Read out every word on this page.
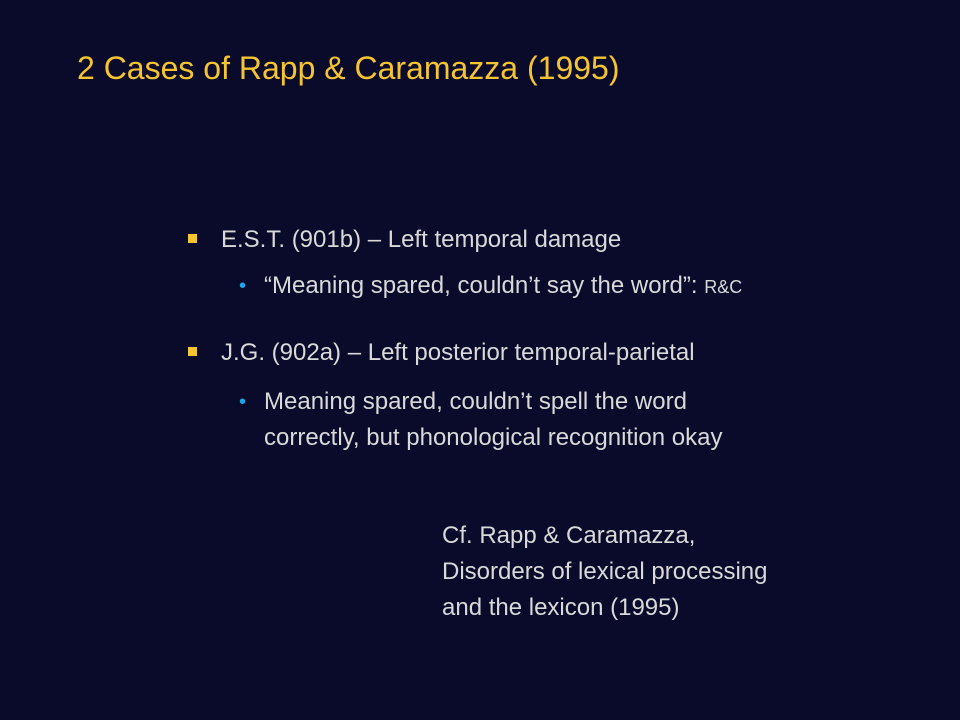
2 Cases of Rapp & Caramazza (1995)
E.S.T. (901b) – Left temporal damage
• “Meaning spared, couldn’t say the word”: R&C
J.G. (902a) – Left posterior temporal-parietal
• Meaning spared, couldn’t spell the word
correctly, but phonological recognition okay
Cf. Rapp & Caramazza,
Disorders of lexical processing
and the lexicon (1995)
